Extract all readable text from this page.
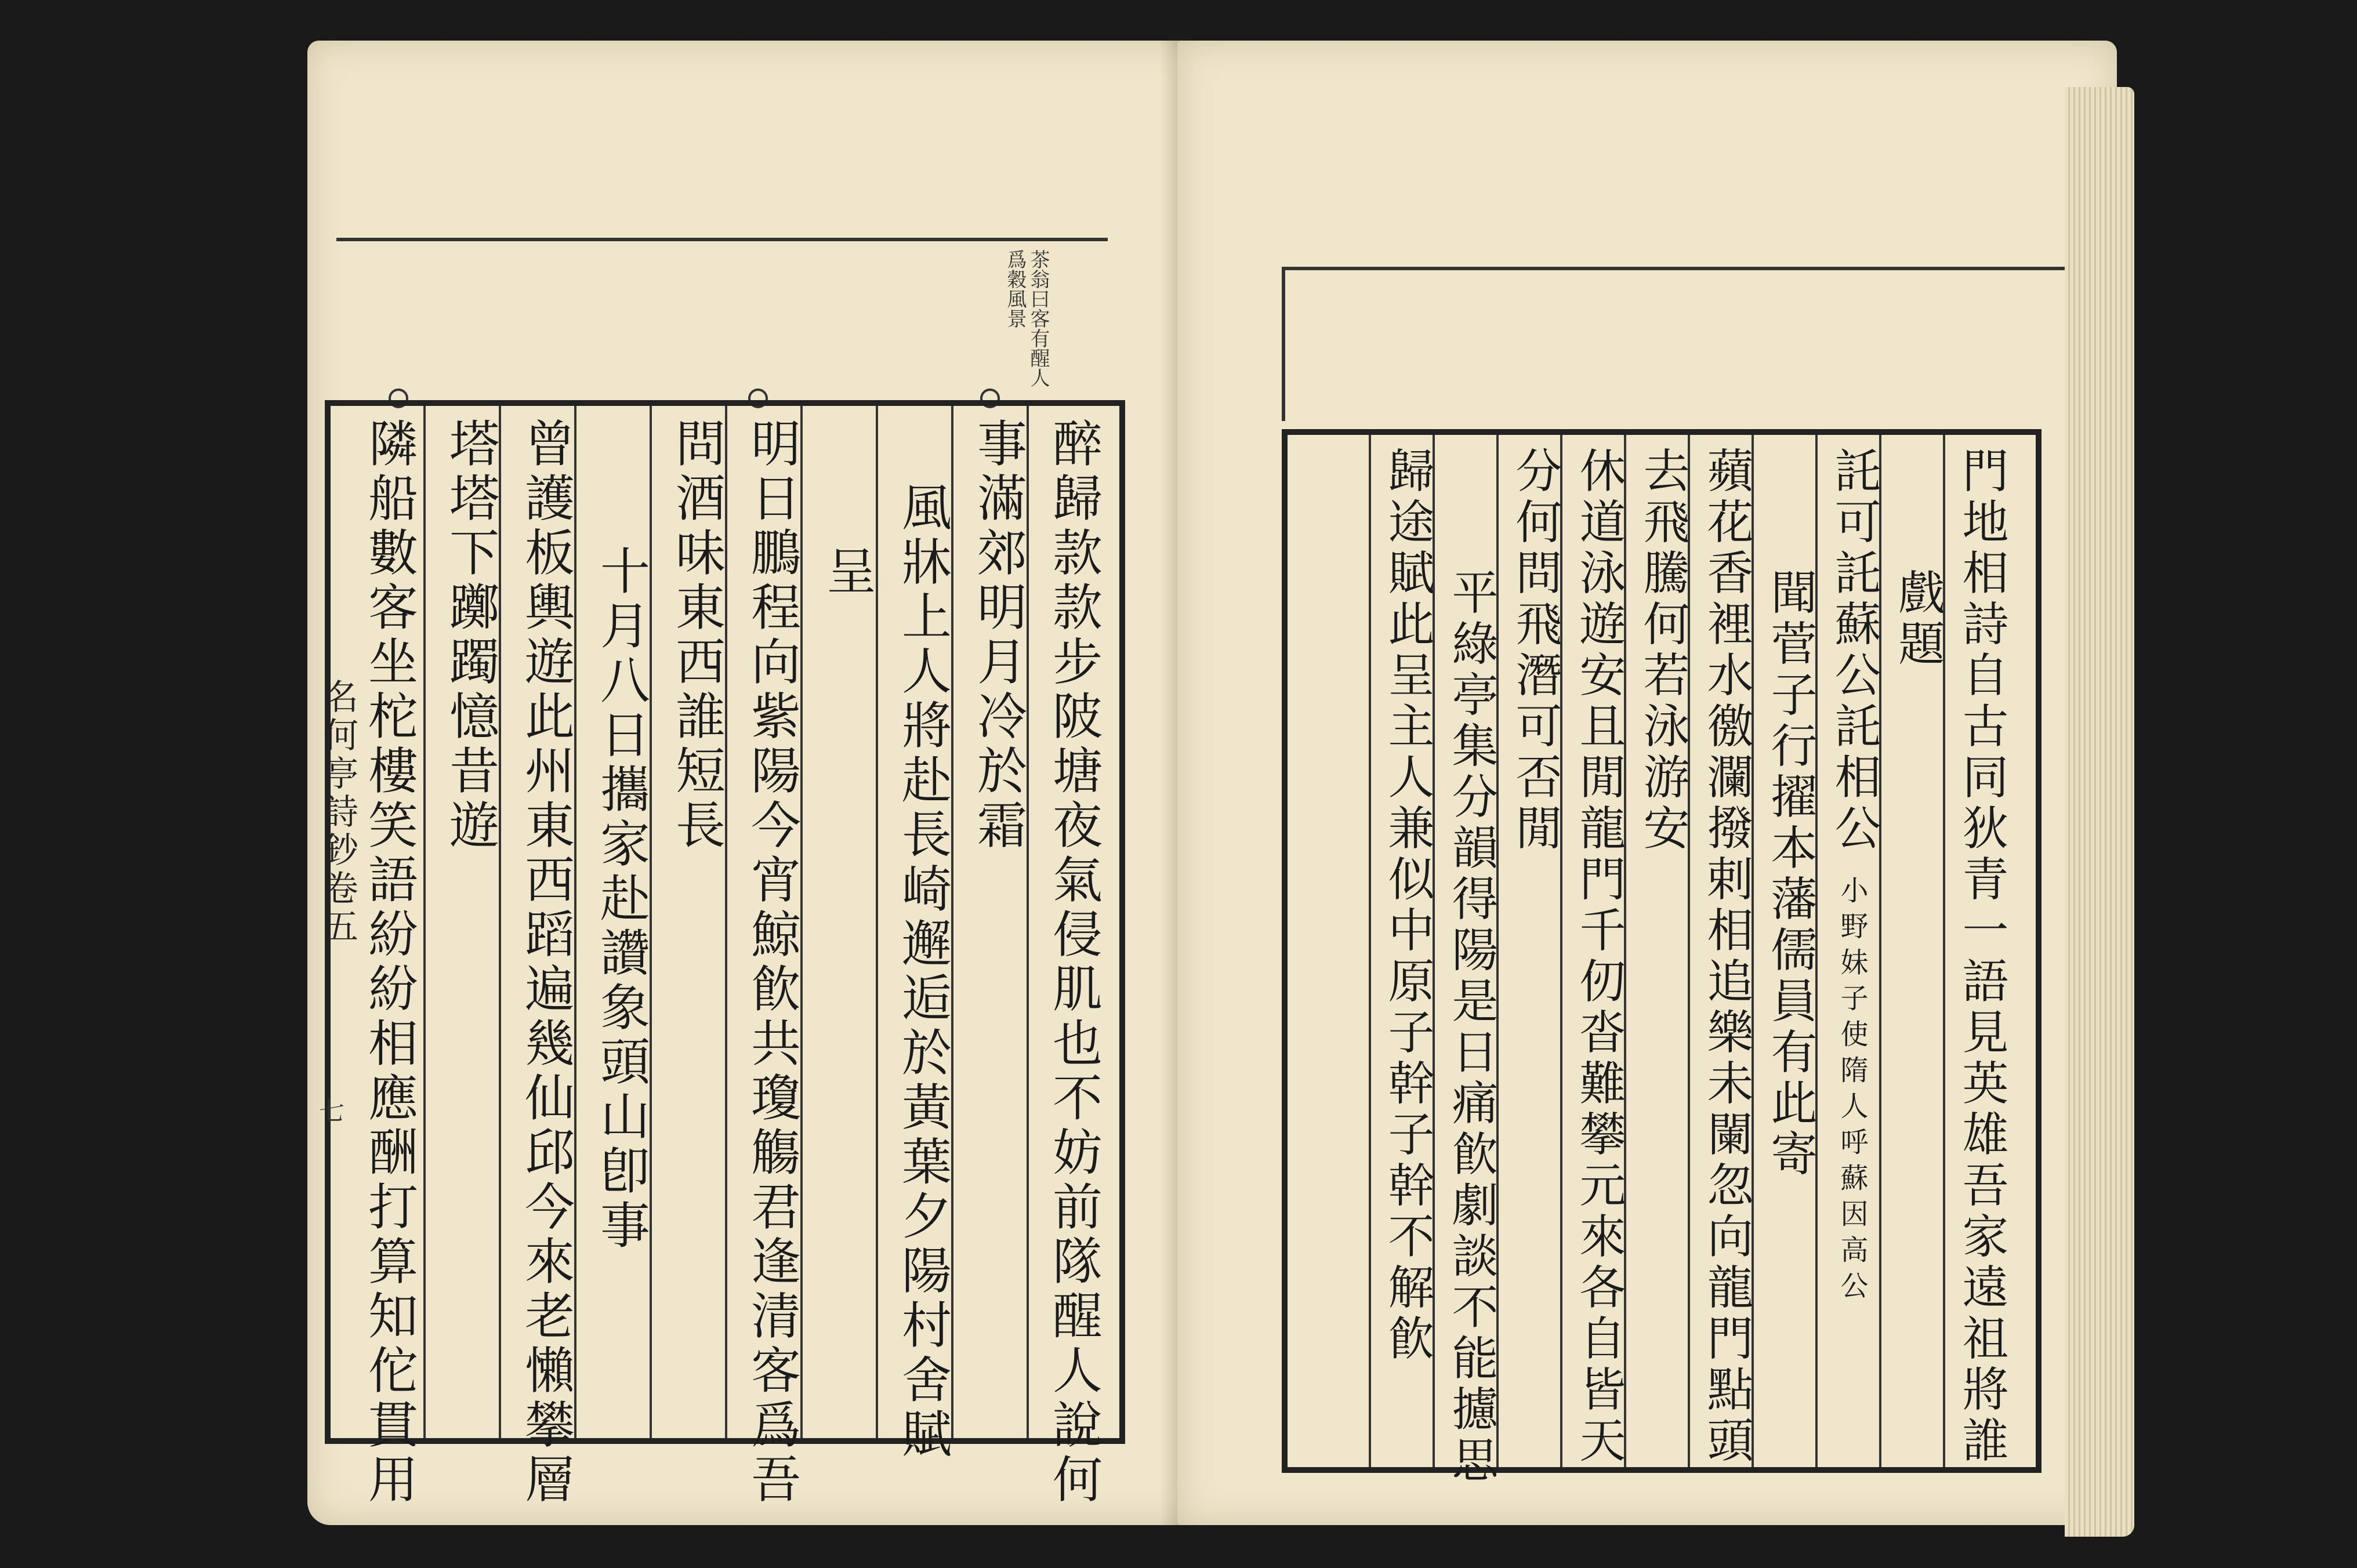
茶翁曰客有醒人爲穀風景
醉歸款款步陂塘夜氣侵肌也不妨前隊醒人說何
事滿郊明月冷於霜
風牀上人將赴長崎邂逅於黃葉夕陽村舍賦
呈
明日鵬程向紫陽今宵鯨飮共瓊觴君逢清客爲吾
問酒味東西誰短長
十月八日攜家赴讚象頭山卽事
曾護板輿遊此州東西蹈遍幾仙邱今來老懶攀層
塔塔下躑躅憶昔遊
隣船數客坐柁樓笑語紛紛相應酬打算知佗貫用
名何亭詩鈔卷五
七	門地相詩自古同狄青一語見英雄吾家遠祖將誰
戲題
託可託蘇公託相公
小野妹子使隋人呼蘇因高公
聞菅子行擢本藩儒員有此寄
蘋花香裡水徼瀾撥剌相追樂未闌忽向龍門點頭
去飛騰何若泳游安
休道泳遊安且閒龍門千仞沓難攀元來各自皆天
分何問飛潛可否閒
平綠亭集分韻得陽是日痛飮劇談不能攄思
歸途賦此呈主人兼似中原子幹子幹不解飮
